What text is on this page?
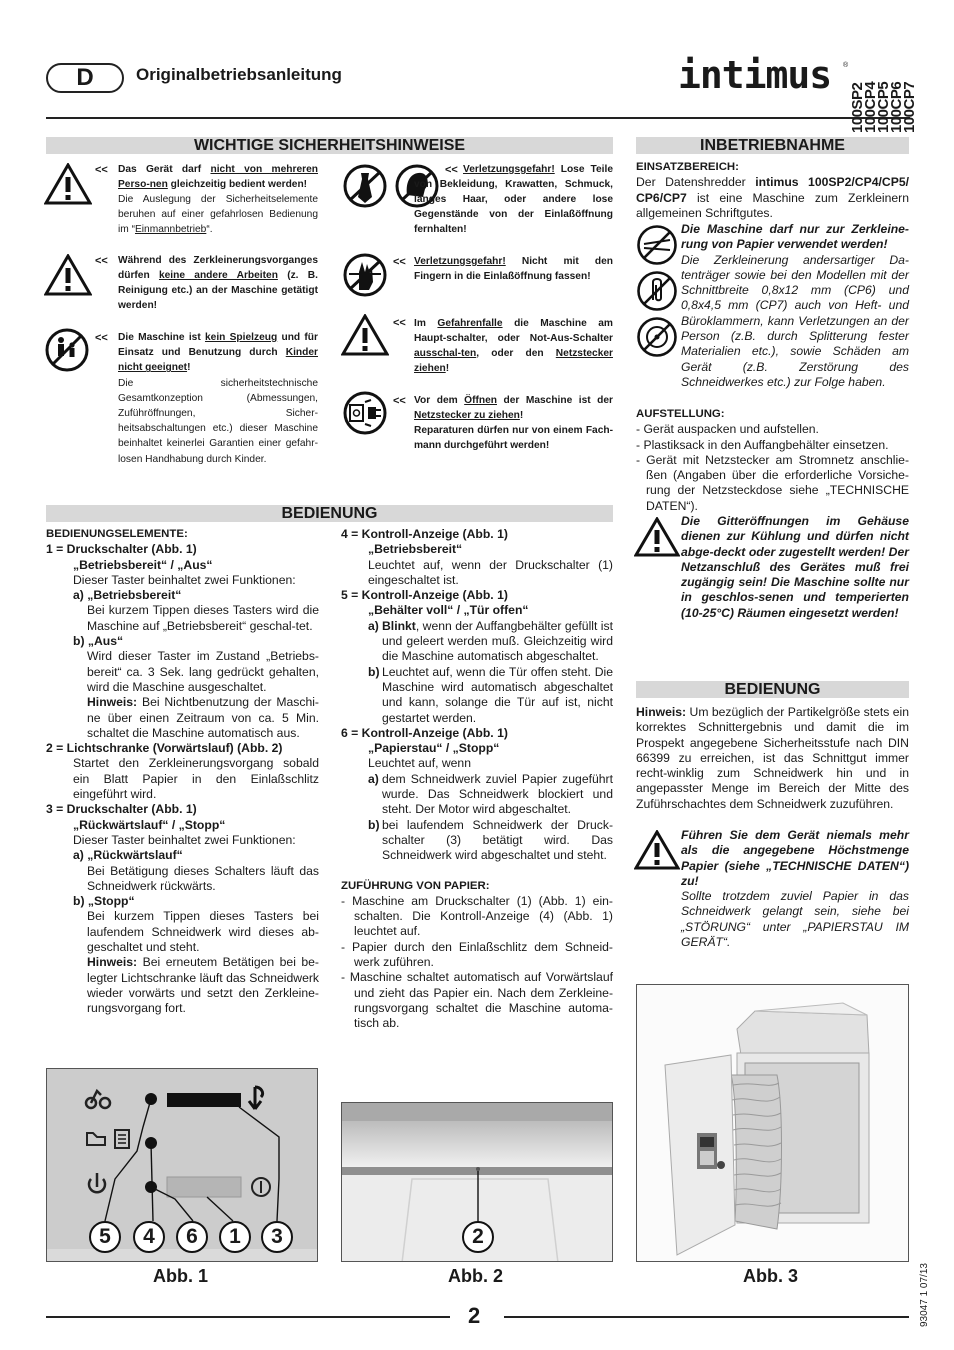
D	Originalbetriebsanleitung	intimus ®
100SP2
100CP4
100CP5
100CP6
100CP7
WICHTIGE SICHERHEITSHINWEISE
<< Das Gerät darf nicht von mehreren Perso-nen gleichzeitig bedient werden!
Die Auslegung der Sicherheitselemente beruhen auf einer gefahrlosen Bedienung im “Einmannbetrieb“.
<< Während des Zerkleinerungsvorganges dürfen keine andere Arbeiten (z. B. Reinigung etc.) an der Maschine getätigt werden!
<< Die Maschine ist kein Spielzeug und für Einsatz und Benutzung durch Kinder nicht geeignet!
Die sicherheitstechnische Gesamtkonzeption (Abmessungen, Zuführöffnungen, Sicher-heitsabschaltungen etc.) dieser Maschine beinhaltet keinerlei Garantien einer gefahr-losen Handhabung durch Kinder.
<< Verletzungsgefahr! Lose Teile von Bekleidung, Krawatten, Schmuck, langes Haar, oder andere lose Gegenstände von der Einlaßöffnung fernhalten!
<< Verletzungsgefahr! Nicht mit den Fingern in die Einlaßöffnung fassen!
<< Im Gefahrenfalle die Maschine am Haupt-schalter, oder Not-Aus-Schalter ausschal-ten, oder den Netzstecker ziehen!
<< Vor dem Öffnen der Maschine ist der Netzstecker zu ziehen!
Reparaturen dürfen nur von einem Fach-mann durchgeführt werden!
INBETRIEBNAHME
EINSATZBEREICH:

Der Datenshredder intimus 100SP2/CP4/CP5/ CP6/CP7 ist eine Maschine zum Zerkleinern allgemeinen Schriftgutes.

Die Maschine darf nur zur Zerkleine-rung von Papier verwendet werden!
Die Zerkleinerung andersartiger Da-tenträger sowie bei den Modellen mit der Schnittbreite 0,8x12 mm (CP6) und 0,8x4,5 mm (CP7) auch von Heft- und Büroklammern, kann Verletzungen an der Person (z.B. durch Splitterung fester Materialien etc.), sowie Schäden am Gerät (z.B. Zerstörung des Schneidwerkes etc.) zur Folge haben.
AUFSTELLUNG:
- Gerät auspacken und aufstellen.
- Plastiksack in den Auffangbehälter einsetzen.
- Gerät mit Netzstecker am Stromnetz anschlie-ßen (Angaben über die erforderliche Vorsiche-rung der Netzsteckdose siehe „TECHNISCHE DATEN“).
Die Gitteröffnungen im Gehäuse dienen zur Kühlung und dürfen nicht abge-deckt oder zugestellt werden! Der Netzanschluß des Gerätes muß frei zugängig sein! Die Maschine sollte nur in geschlos-senen und temperierten (10-25°C) Räumen eingesetzt werden!
BEDIENUNG
Hinweis: Um bezüglich der Partikelgröße stets ein korrektes Schnittergebnis und damit die im Prospekt angegebene Sicherheitsstufe nach DIN 66399 zu erreichen, ist das Schnittgut immer recht-winklig zum Schneidwerk hin und in angepasster Menge im Bereich der Mitte des Zuführschachtes dem Schneidwerk zuzuführen.
Führen Sie dem Gerät niemals mehr als die angegebene Höchstmenge Papier (siehe „TECHNISCHE DATEN“) zu!
Sollte trotzdem zuviel Papier in das Schneidwerk gelangt sein, siehe bei „STÖRUNG“ unter „PAPIERSTAU IM GERÄT“.
BEDIENUNG
BEDIENUNGSELEMENTE:
1 = Druckschalter (Abb. 1)
„Betriebsbereit“ / „Aus“
Dieser Taster beinhaltet zwei Funktionen:
a) „Betriebsbereit“
Bei kurzem Tippen dieses Tasters wird die Maschine auf „Betriebsbereit“ geschal-tet.
b) „Aus“
Wird dieser Taster im Zustand „Betriebs-bereit“ ca. 3 Sek. lang gedrückt gehalten, wird die Maschine ausgeschaltet.
Hinweis: Bei Nichtbenutzung der Maschi-ne über einen Zeitraum von ca. 5 Min. schaltet die Maschine automatisch aus.
2 = Lichtschranke (Vorwärtslauf) (Abb. 2)
Startet den Zerkleinerungsvorgang sobald ein Blatt Papier in den Einlaßschlitz eingeführt wird.
3 = Druckschalter (Abb. 1)
„Rückwärtslauf“ / „Stopp“
Dieser Taster beinhaltet zwei Funktionen:
a) „Rückwärtslauf“
Bei Betätigung dieses Schalters läuft das Schneidwerk rückwärts.
b) „Stopp“
Bei kurzem Tippen dieses Tasters bei laufendem Schneidwerk wird dieses ab-geschaltet und steht.
Hinweis: Bei erneutem Betätigen bei be-legter Lichtschranke läuft das Schneidwerk wieder vorwärts und setzt den Zerkleine-rungsvorgang fort.
4 = Kontroll-Anzeige (Abb. 1)
„Betriebsbereit“
Leuchtet auf, wenn der Druckschalter (1) eingeschaltet ist.
5 = Kontroll-Anzeige (Abb. 1)
„Behälter voll“ / „Tür offen“
a) Blinkt, wenn der Auffangbehälter gefüllt ist und geleert werden muß. Gleichzeitig wird die Maschine automatisch abgeschaltet.
b) Leuchtet auf, wenn die Tür offen steht. Die Maschine wird automatisch abgeschaltet und kann, solange die Tür auf ist, nicht gestartet werden.
6 = Kontroll-Anzeige (Abb. 1)
„Papierstau“ / „Stopp“
Leuchtet auf, wenn
a) dem Schneidwerk zuviel Papier zugeführt wurde. Das Schneidwerk blockiert und steht. Der Motor wird abgeschaltet.
b) bei laufendem Schneidwerk der Druck-schalter (3) betätigt wird. Das Schneidwerk wird abgeschaltet und steht.
ZUFÜHRUNG VON PAPIER:
- Maschine am Druckschalter (1) (Abb. 1) ein-schalten. Die Kontroll-Anzeige (4) (Abb. 1) leuchtet auf.
- Papier durch den Einlaßschlitz dem Schneid-werk zuführen.
- Maschine schaltet automatisch auf Vorwärtslauf und zieht das Papier ein. Nach dem Zerkleine-rungsvorgang schaltet die Maschine automa-tisch ab.
5	4	6	1	3
Abb. 1
2
Abb. 2	Abb. 3
2	93047 1 07/13
